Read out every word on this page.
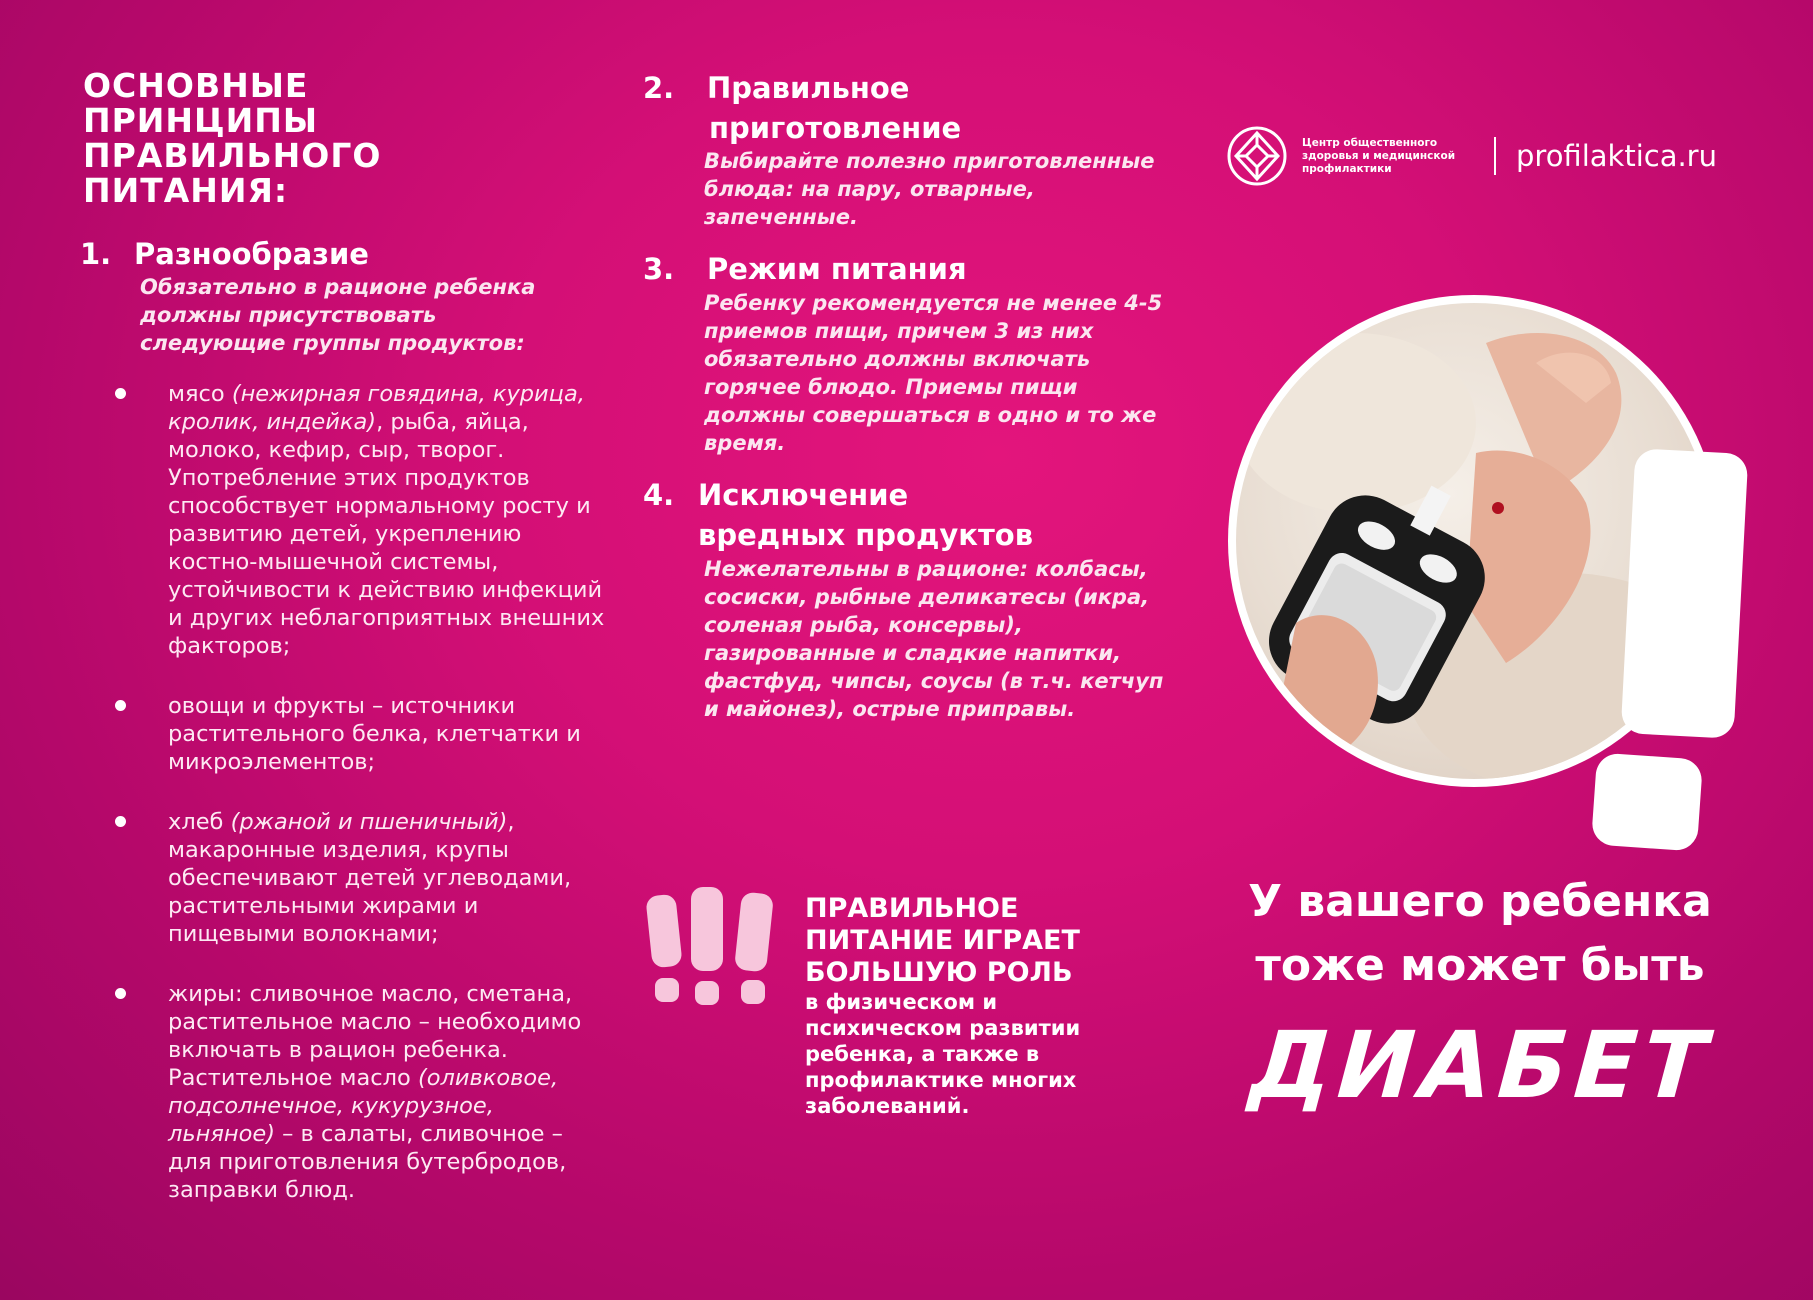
ОСНОВНЫЕ ПРИНЦИПЫ ПРАВИЛЬНОГО ПИТАНИЯ:
1. Разнообразие
Обязательно в рационе ребенка должны присутствовать следующие группы продуктов:
мясо (нежирная говядина, курица, кролик, индейка), рыба, яйца, молоко, кефир, сыр, творог. Употребление этих продуктов способствует нормальному росту и развитию детей, укреплению костно-мышечной системы, устойчивости к действию инфекций и других неблагоприятных внешних факторов;
овощи и фрукты – источники растительного белка, клетчатки и микроэлементов;
хлеб (ржаной и пшеничный), макаронные изделия, крупы обеспечивают детей углеводами, растительными жирами и пищевыми волокнами;
жиры: сливочное масло, сметана, растительное масло – необходимо включать в рацион ребенка. Растительное масло (оливковое, подсолнечное, кукурузное, льняное) – в салаты, сливочное – для приготовления бутербродов, заправки блюд.
2. Правильное
приготовление
Выбирайте полезно приготовленные блюда: на пару, отварные, запеченные.
3. Режим питания
Ребенку рекомендуется не менее 4-5 приемов пищи, причем 3 из них обязательно должны включать горячее блюдо. Приемы пищи должны совершаться в одно и то же время.
4. Исключение
вредных продуктов
Нежелательны в рационе: колбасы, сосиски, рыбные деликатесы (икра, соленая рыба, консервы), газированные и сладкие напитки, фастфуд, чипсы, соусы (в т.ч. кетчуп и майонез), острые приправы.
ПРАВИЛЬНОЕ ПИТАНИЕ ИГРАЕТ БОЛЬШУЮ РОЛЬ
в физическом и психическом развитии ребенка, а также в профилактике многих заболеваний.
Центр общественного здоровья и медицинской профилактики	profilaktica.ru
У вашего ребенка
тоже может быть
ДИАБЕТ
